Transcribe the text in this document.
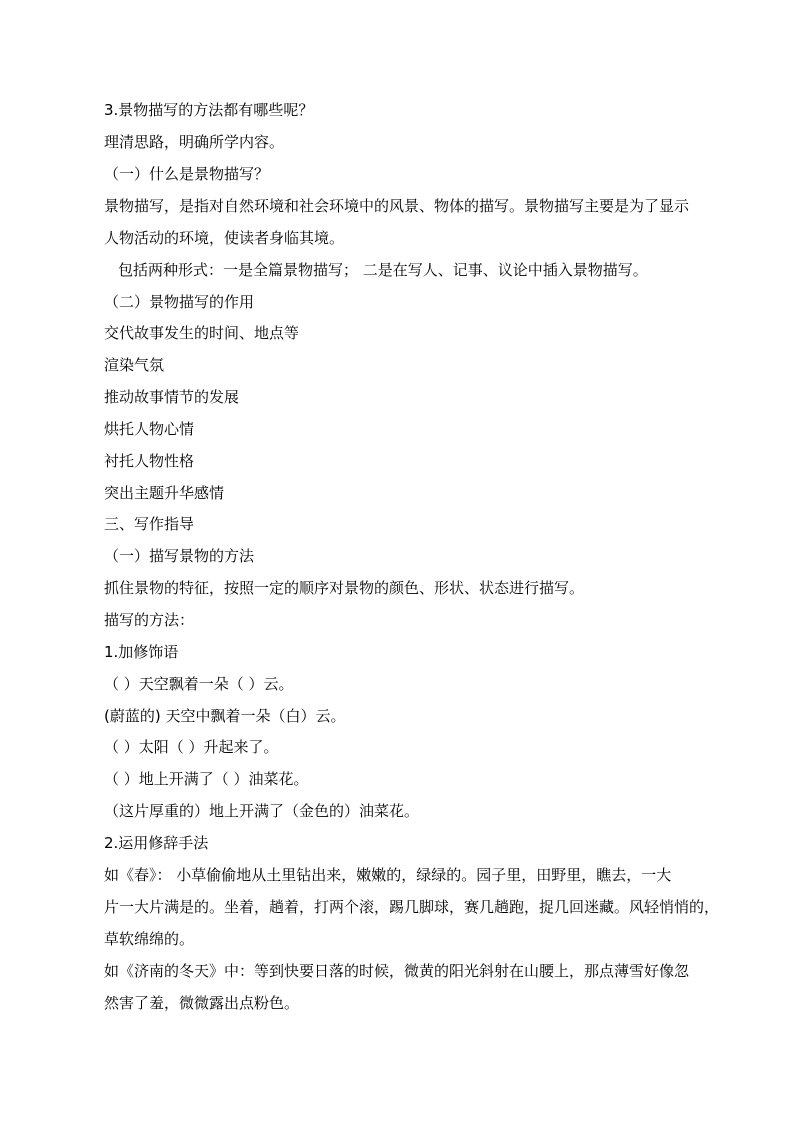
3.景物描写的方法都有哪些呢？
理清思路，明确所学内容。
（一）什么是景物描写？
景物描写，是指对自然环境和社会环境中的风景、物体的描写。景物描写主要是为了显示
人物活动的环境，使读者身临其境。
包括两种形式：一是全篇景物描写； 二是在写人、记事、议论中插入景物描写。
（二）景物描写的作用
交代故事发生的时间、地点等
渲染气氛
推动故事情节的发展
烘托人物心情
衬托人物性格
突出主题升华感情
三、写作指导
（一）描写景物的方法
抓住景物的特征，按照一定的顺序对景物的颜色、形状、状态进行描写。
描写的方法：
1.加修饰语
（ ）天空飘着一朵（ ）云。
(蔚蓝的) 天空中飘着一朵（白）云。
（ ）太阳（ ）升起来了。
（ ）地上开满了（ ）油菜花。
（这片厚重的）地上开满了（金色的）油菜花。
2.运用修辞手法
如《春》： 小草偷偷地从土里钻出来，嫩嫩的，绿绿的。园子里，田野里，瞧去，一大
片一大片满是的。坐着，趟着，打两个滚，踢几脚球，赛几趟跑，捉几回迷藏。风轻悄悄的，
草软绵绵的。
如《济南的冬天》中：等到快要日落的时候，微黄的阳光斜射在山腰上，那点薄雪好像忽
然害了羞，微微露出点粉色。
